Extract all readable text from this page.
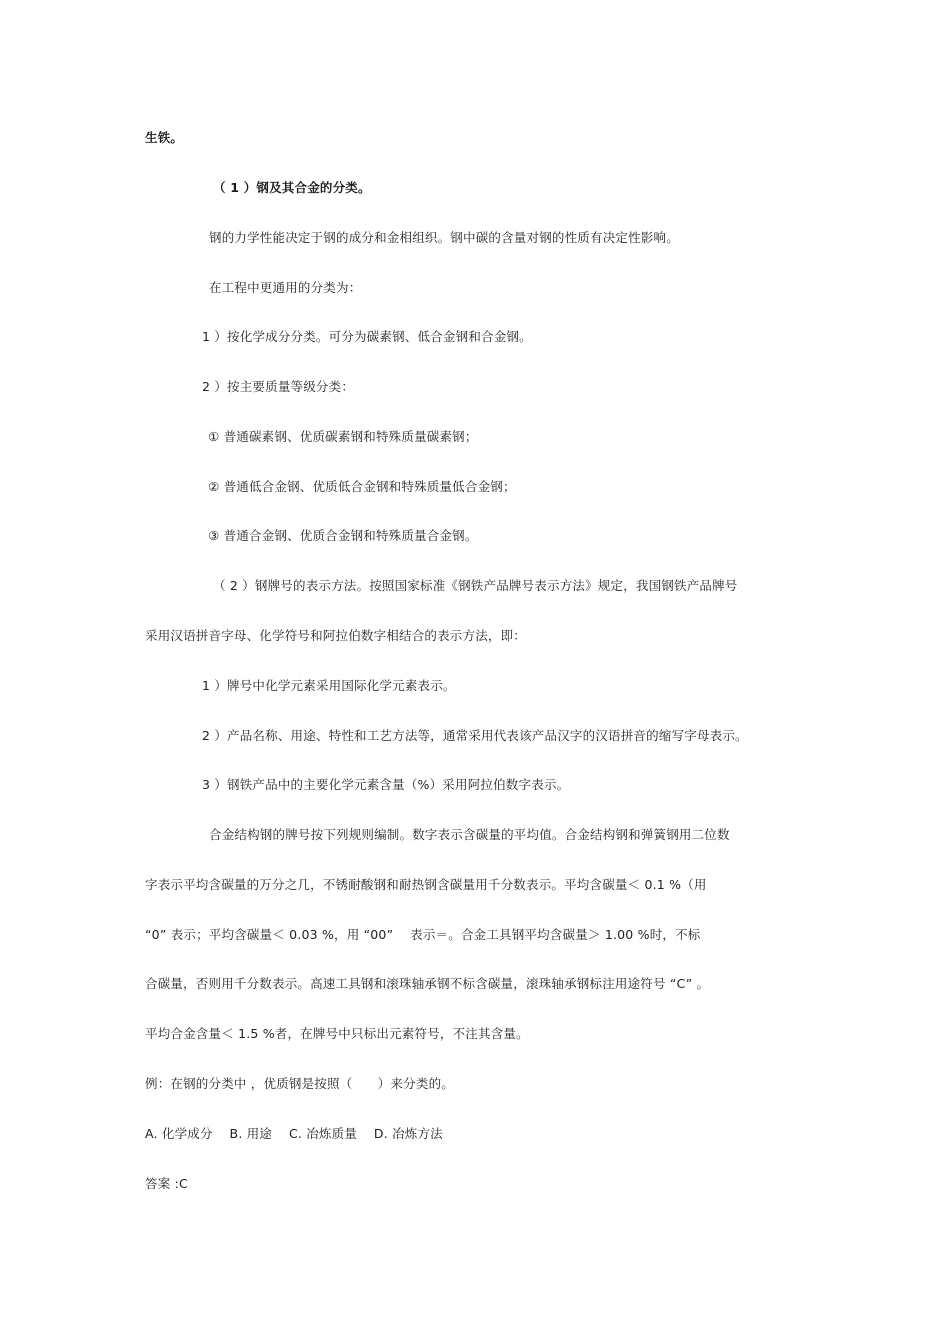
生铁。
（ 1 ）钢及其合金的分类。
钢的力学性能决定于钢的成分和金相组织。钢中碳的含量对钢的性质有决定性影响。
在工程中更通用的分类为：
1 ）按化学成分分类。可分为碳素钢、低合金钢和合金钢。
2 ）按主要质量等级分类：
① 普通碳素钢、优质碳素钢和特殊质量碳素钢；
② 普通低合金钢、优质低合金钢和特殊质量低合金钢；
③ 普通合金钢、优质合金钢和特殊质量合金钢。
（ 2 ）钢牌号的表示方法。按照国家标准《钢铁产品牌号表示方法》规定，我国钢铁产品牌号
采用汉语拼音字母、化学符号和阿拉伯数字相结合的表示方法，即：
1 ）牌号中化学元素采用国际化学元素表示。
2 ）产品名称、用途、特性和工艺方法等，通常采用代表该产品汉字的汉语拼音的缩写字母表示。
3 ）钢铁产品中的主要化学元素含量（%）采用阿拉伯数字表示。
合金结构钢的牌号按下列规则编制。数字表示含碳量的平均值。合金结构钢和弹簧钢用二位数
字表示平均含碳量的万分之几，不锈耐酸钢和耐热钢含碳量用千分数表示。平均含碳量＜ 0.1 %（用
“0” 表示；平均含碳量＜ 0.03 %，用 “00”　 表示＝。合金工具钢平均含碳量＞ 1.00 %时，不标
合碳量，否则用千分数表示。高速工具钢和滚珠轴承钢不标含碳量，滚珠轴承钢标注用途符号 “C” 。
平均合金含量＜ 1.5 %者，在牌号中只标出元素符号，不注其含量。
例：在钢的分类中 ，优质钢是按照（　　）来分类的。
A. 化学成分　 B. 用途　 C. 冶炼质量　 D. 冶炼方法
答案 :C
